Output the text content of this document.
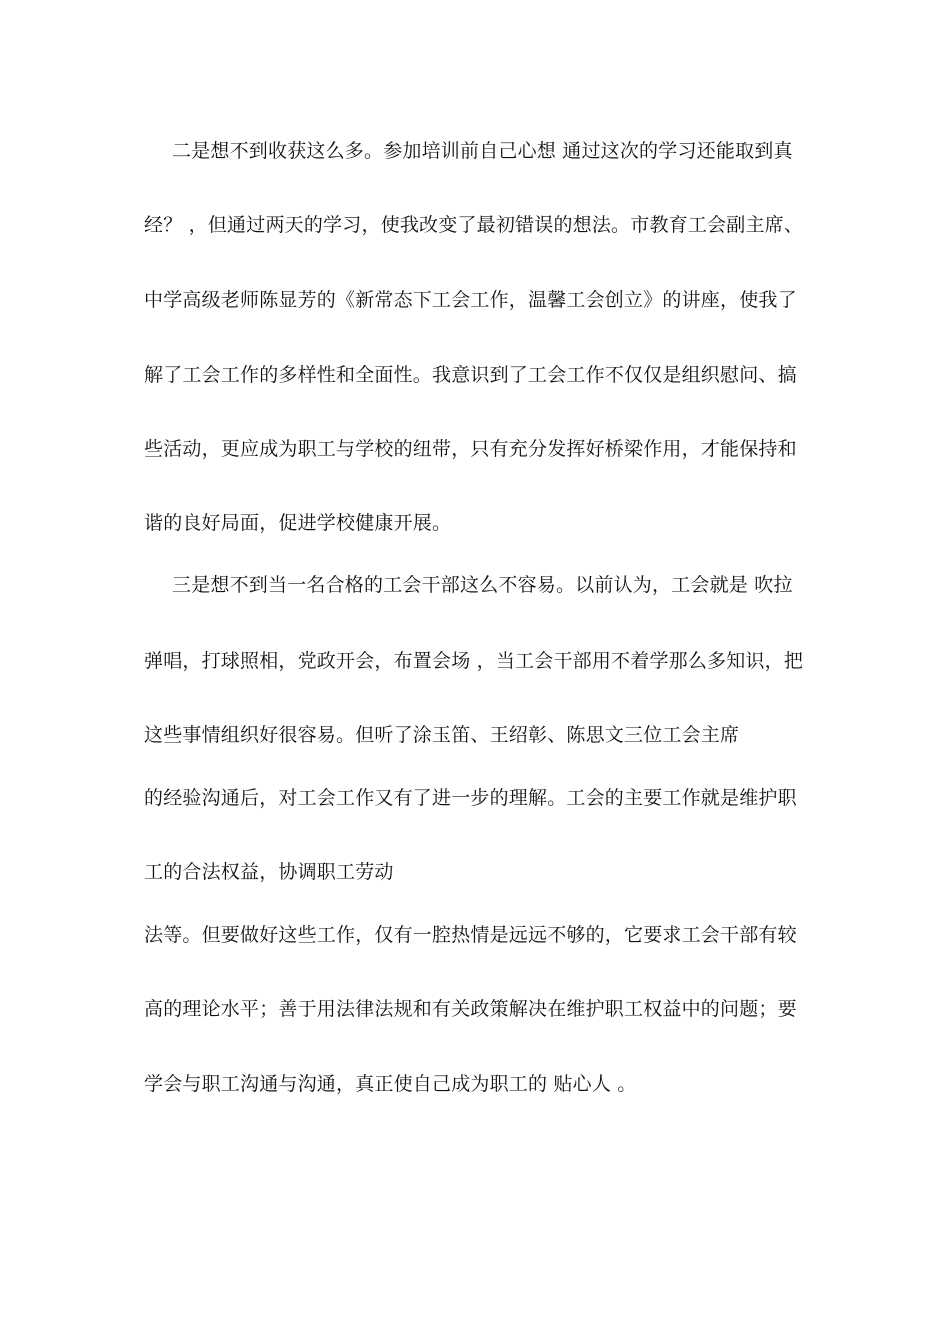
二是想不到收获这么多。参加培训前自己心想 通过这次的学习还能取到真
经？ ，但通过两天的学习，使我改变了最初错误的想法。市教育工会副主席、
中学高级老师陈显芳的《新常态下工会工作，温馨工会创立》的讲座，使我了
解了工会工作的多样性和全面性。我意识到了工会工作不仅仅是组织慰问、搞
些活动，更应成为职工与学校的纽带，只有充分发挥好桥梁作用，才能保持和
谐的良好局面，促进学校健康开展。
三是想不到当一名合格的工会干部这么不容易。以前认为，工会就是 吹拉
弹唱，打球照相，党政开会，布置会场 ，当工会干部用不着学那么多知识，把
这些事情组织好很容易。但听了涂玉笛、王绍彰、陈思文三位工会主席
的经验沟通后，对工会工作又有了进一步的理解。工会的主要工作就是维护职
工的合法权益，协调职工劳动
法等。但要做好这些工作，仅有一腔热情是远远不够的，它要求工会干部有较
高的理论水平；善于用法律法规和有关政策解决在维护职工权益中的问题；要
学会与职工沟通与沟通，真正使自己成为职工的 贴心人 。
